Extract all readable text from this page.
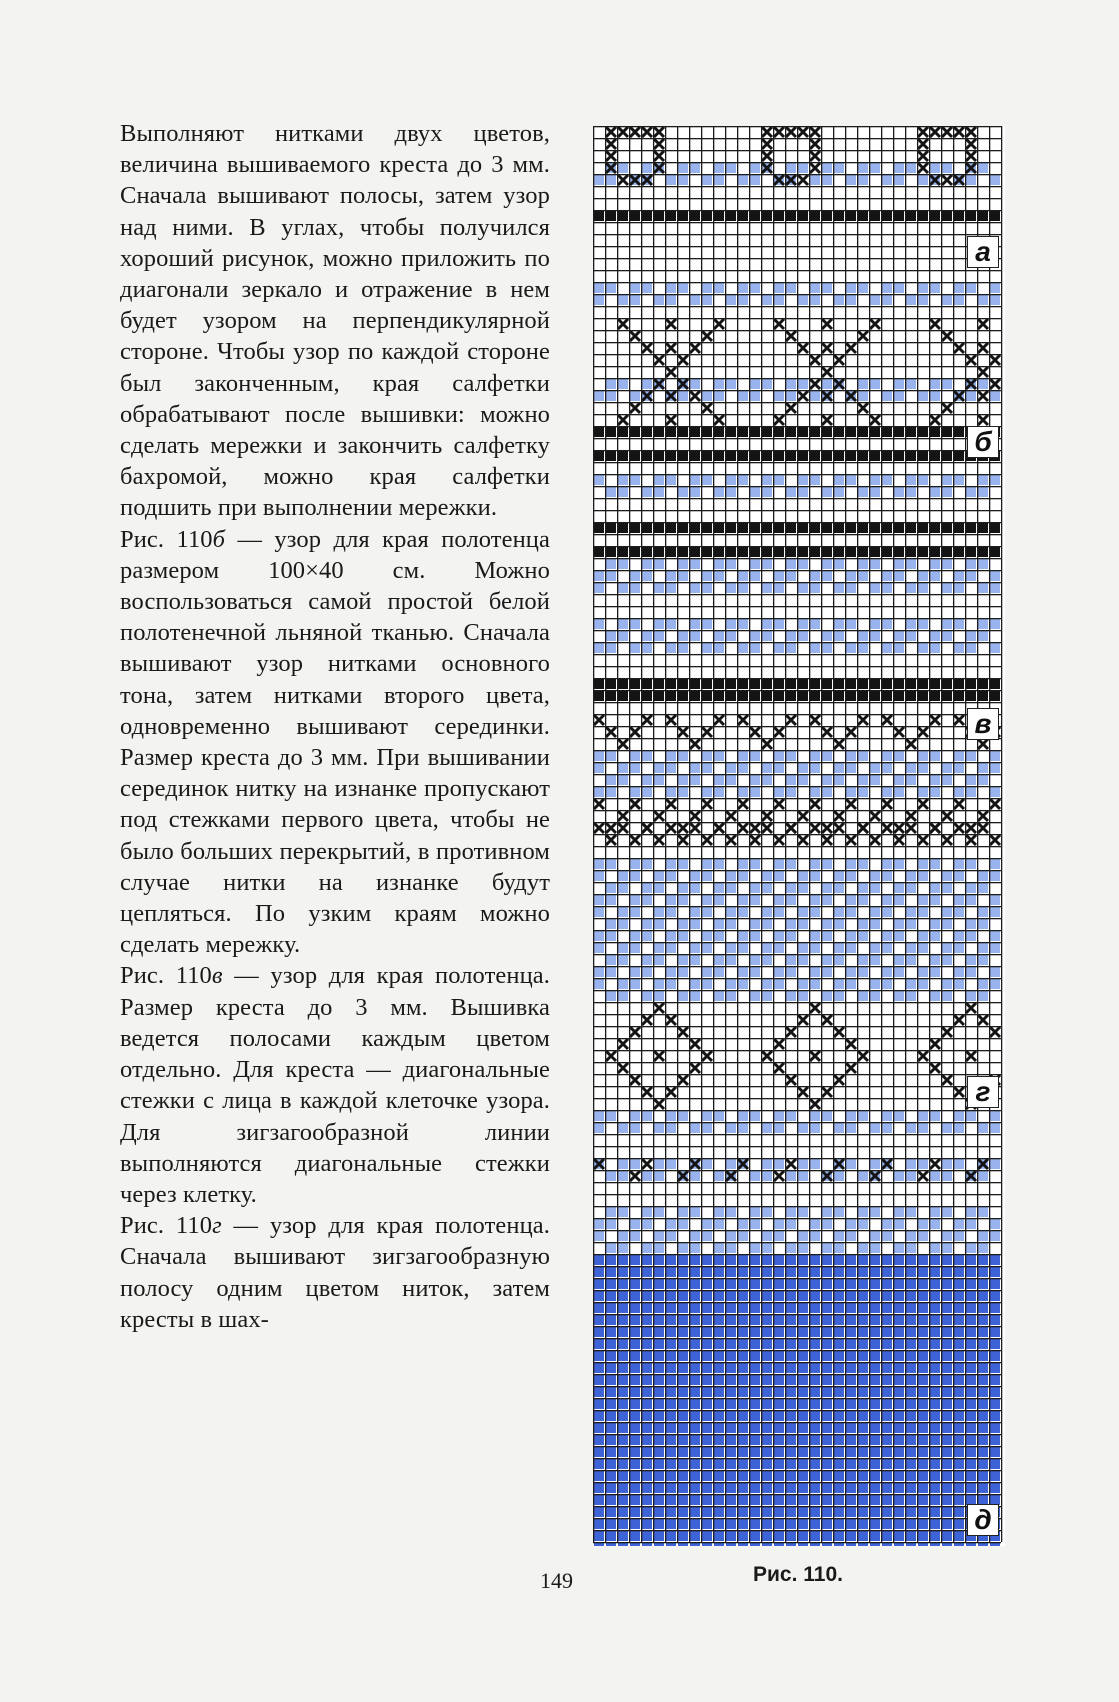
Выполняют нитками двух цветов, величина вышиваемого креста до 3 мм. Сначала вышивают полосы, затем узор над ними. В углах, чтобы получился хороший рисунок, можно приложить по диагонали зеркало и отражение в нем будет узором на перпендикулярной стороне. Чтобы узор по каждой стороне был законченным, края салфетки обрабатывают после вышивки: можно сделать мережки и закончить салфетку бахромой, можно края салфетки подшить при выполнении мережки.

Рис. 110б — узор для края полотенца размером 100×40 см. Можно воспользоваться самой простой белой полотенечной льняной тканью. Сначала вышивают узор нитками основного тона, затем нитками второго цвета, одновременно вышивают серединки. Размер креста до 3 мм. При вышивании серединок нитку на изнанке пропускают под стежками первого цвета, чтобы не было больших перекрытий, в противном случае нитки на изнанке будут цепляться. По узким краям можно сделать мережку.

Рис. 110в — узор для края полотенца. Размер креста до 3 мм. Вышивка ведется полосами каждым цветом отдельно. Для креста — диагональные стежки с лица в каждой клеточке узора. Для зигзагообразной линии выполняются диагональные стежки через клетку.

Рис. 110г — узор для края полотенца. Сначала вышивают зигзагообразную полосу одним цветом ниток, затем кресты в шах-

а
б
в
г
д
149	Рис. 110.
